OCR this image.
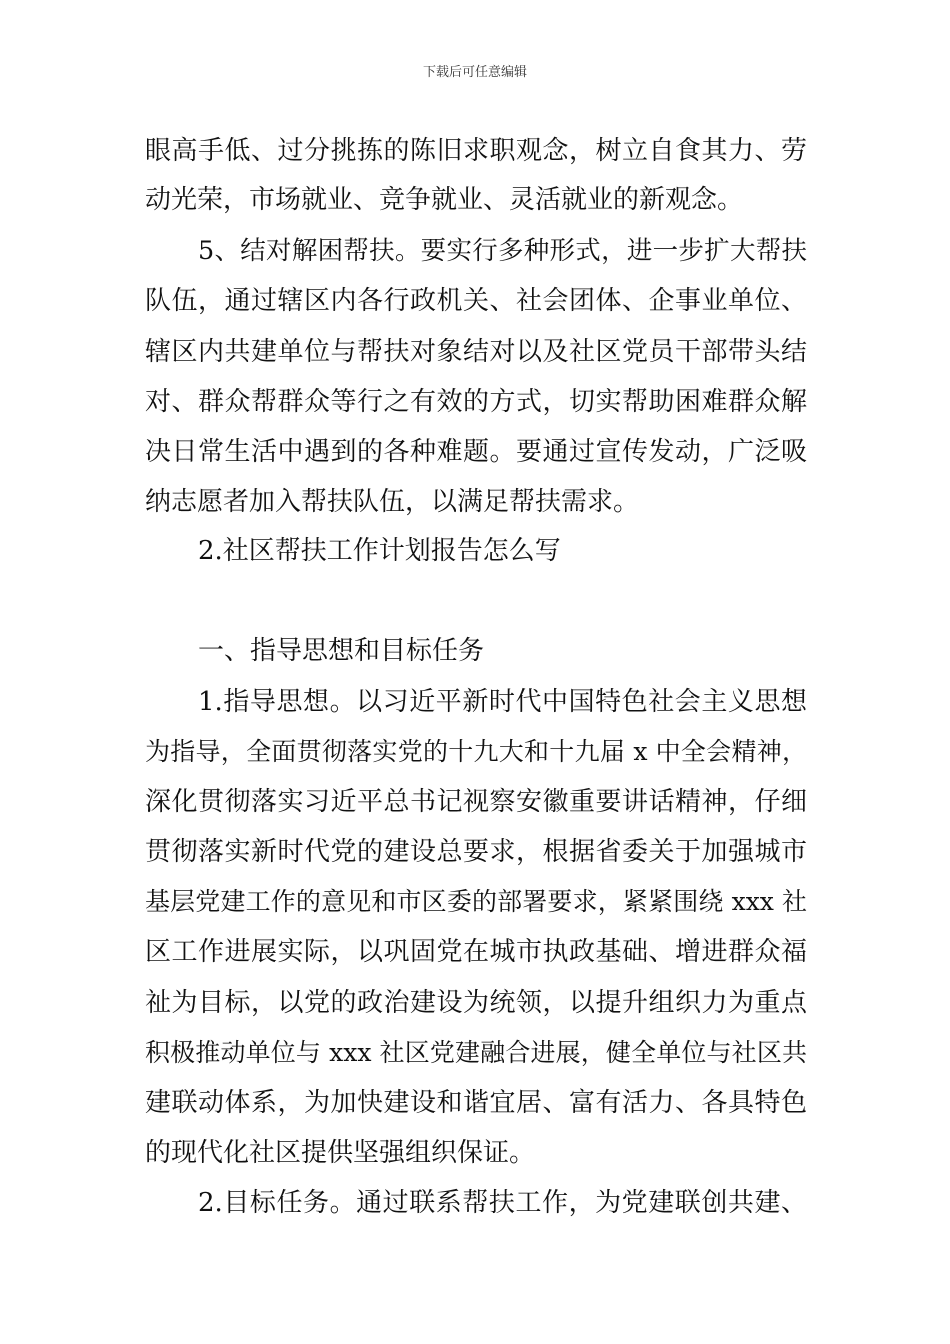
下载后可任意编辑
眼高手低、过分挑拣的陈旧求职观念，树立自食其力、劳
动光荣，市场就业、竞争就业、灵活就业的新观念。
5、结对解困帮扶。要实行多种形式，进一步扩大帮扶
队伍，通过辖区内各行政机关、社会团体、企事业单位、
辖区内共建单位与帮扶对象结对以及社区党员干部带头结
对、群众帮群众等行之有效的方式，切实帮助困难群众解
决日常生活中遇到的各种难题。要通过宣传发动，广泛吸
纳志愿者加入帮扶队伍，以满足帮扶需求。
2.社区帮扶工作计划报告怎么写
一、指导思想和目标任务
1.指导思想。以习近平新时代中国特色社会主义思想
为指导，全面贯彻落实党的十九大和十九届 x 中全会精神，
深化贯彻落实习近平总书记视察安徽重要讲话精神，仔细
贯彻落实新时代党的建设总要求，根据省委关于加强城市
基层党建工作的意见和市区委的部署要求，紧紧围绕 xxx 社
区工作进展实际，以巩固党在城市执政基础、增进群众福
祉为目标，以党的政治建设为统领，以提升组织力为重点
积极推动单位与 xxx 社区党建融合进展，健全单位与社区共
建联动体系，为加快建设和谐宜居、富有活力、各具特色
的现代化社区提供坚强组织保证。
2.目标任务。通过联系帮扶工作，为党建联创共建、
